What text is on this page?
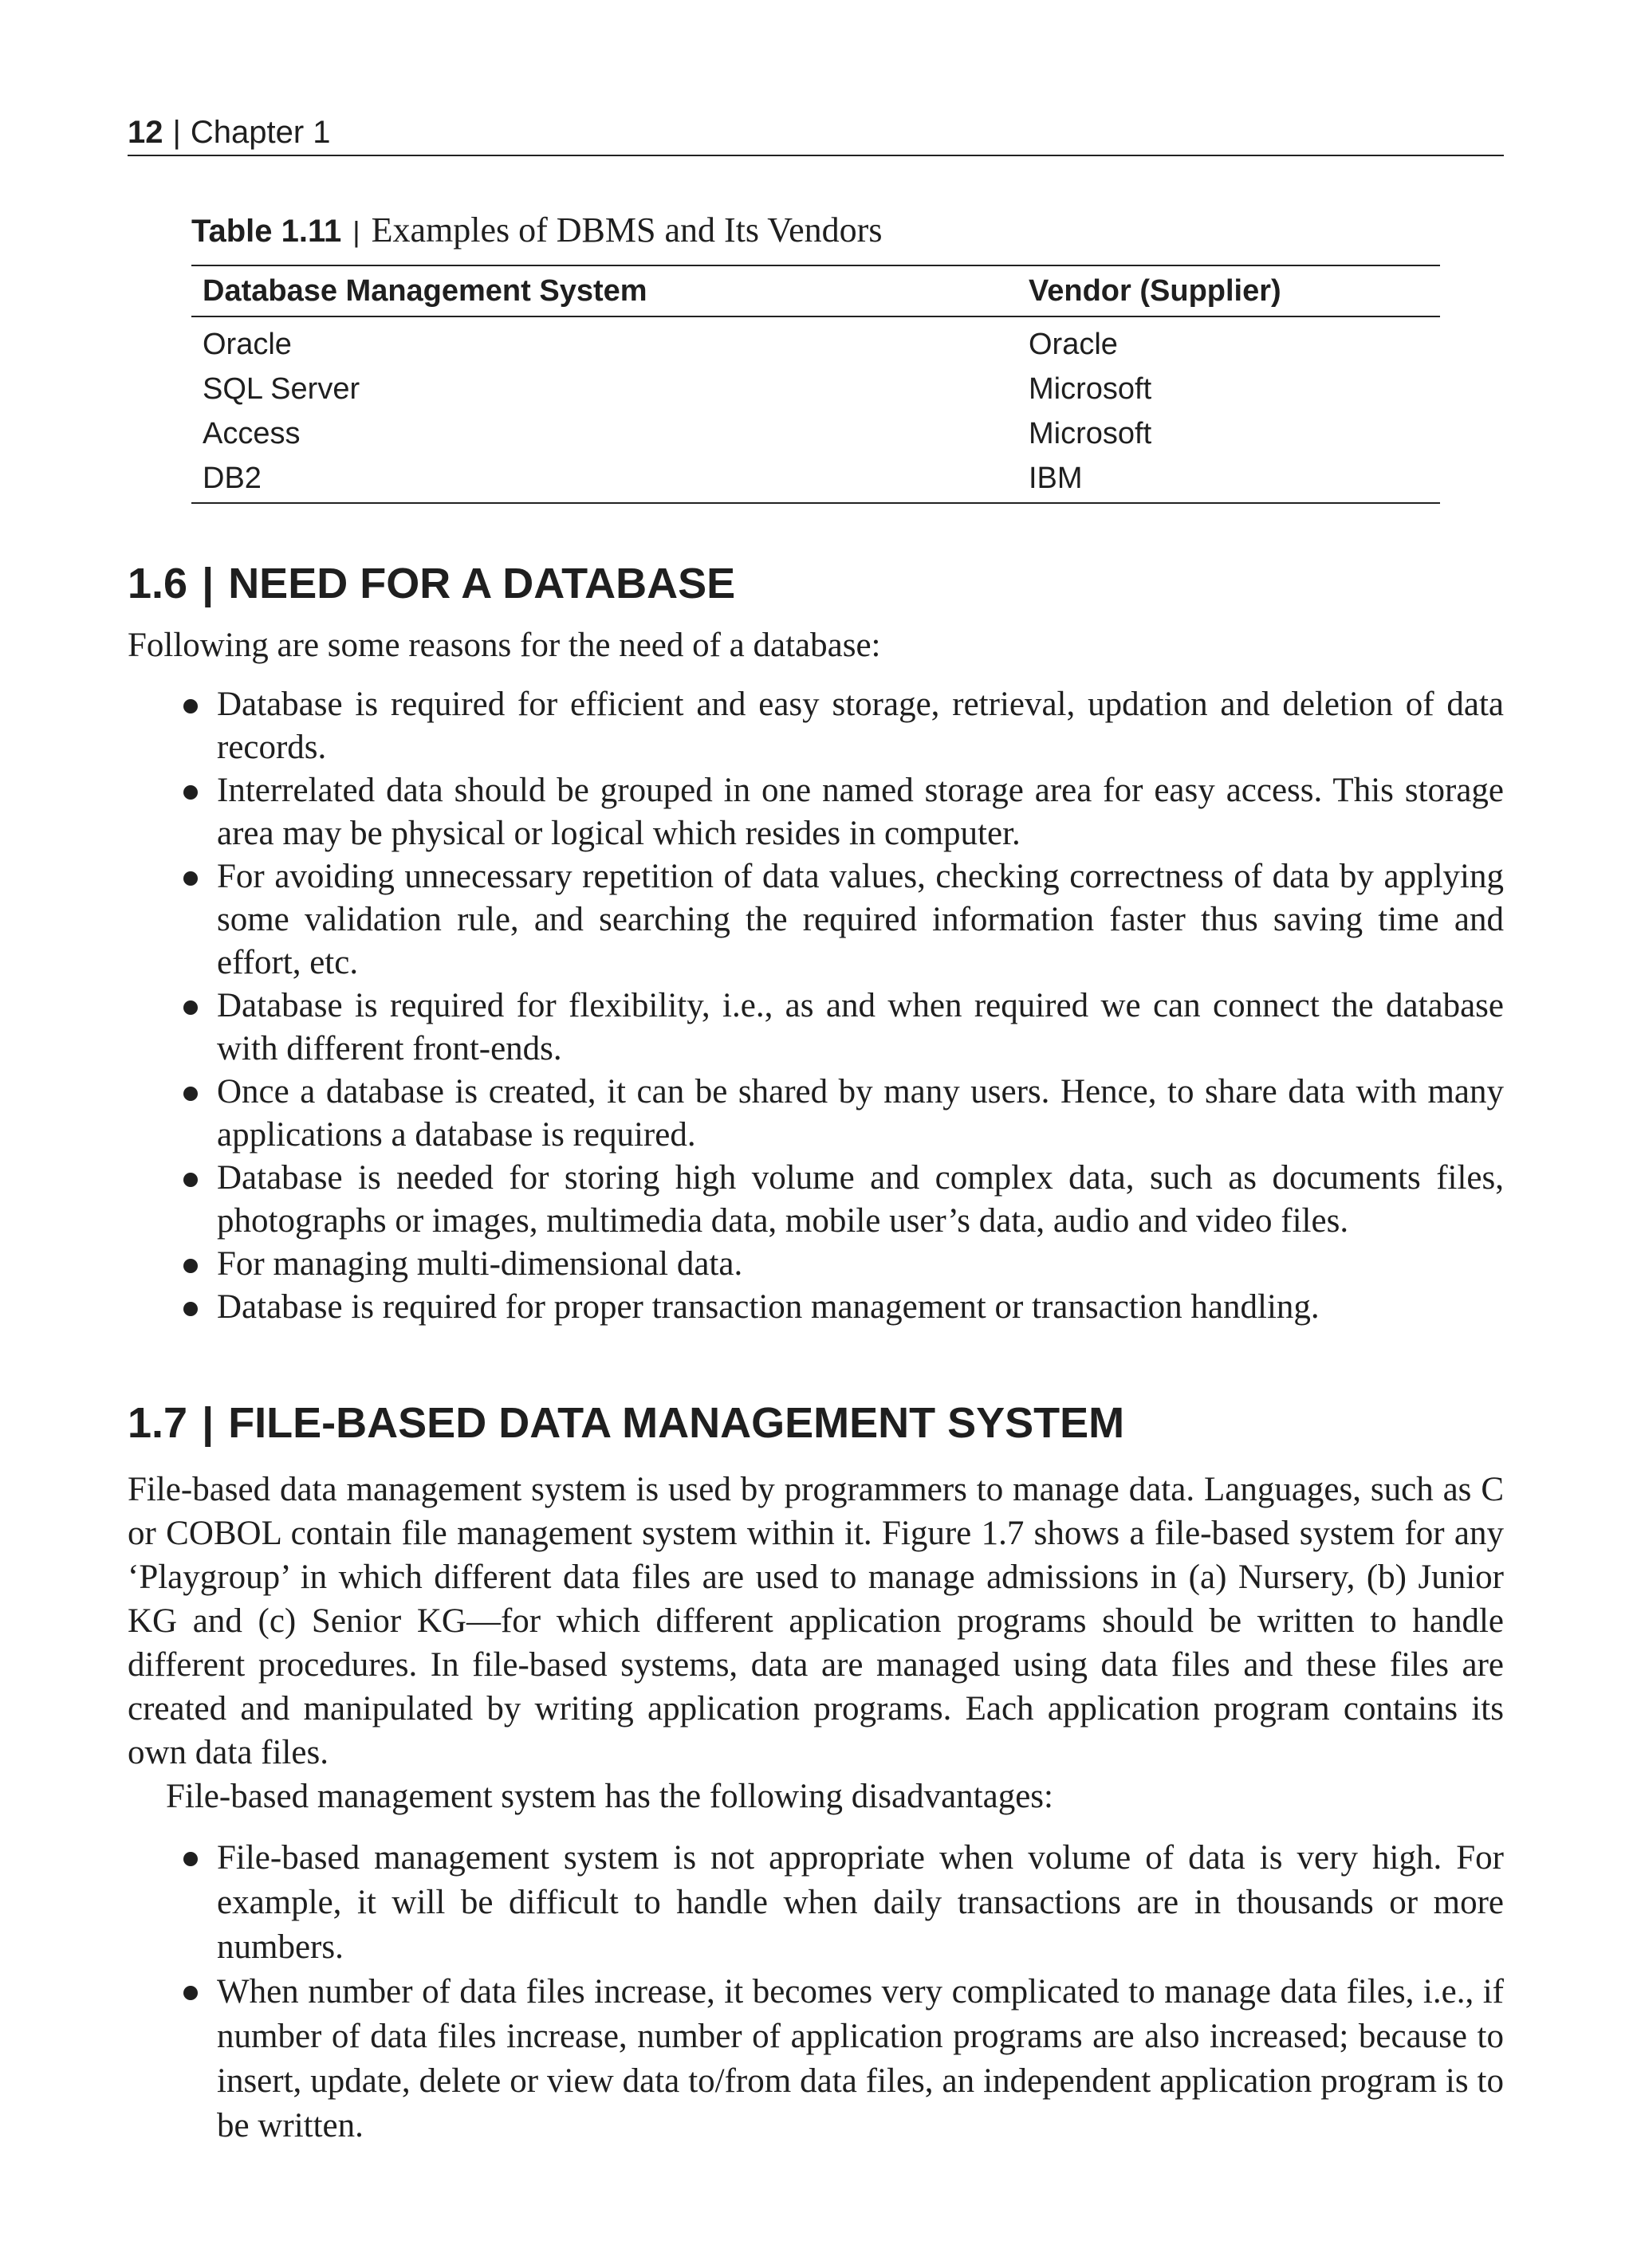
12 | Chapter 1
Table 1.11 | Examples of DBMS and Its Vendors
Database Management System	Vendor (Supplier)
Oracle	Oracle
SQL Server	Microsoft
Access	Microsoft
DB2	IBM
1.6 | NEED FOR A DATABASE

Following are some reasons for the need of a database:

Database is required for efficient and easy storage, retrieval, updation and deletion of data records.
Interrelated data should be grouped in one named storage area for easy access. This storage area may be physical or logical which resides in computer.
For avoiding unnecessary repetition of data values, checking correctness of data by applying some validation rule, and searching the required information faster thus saving time and effort, etc.
Database is required for flexibility, i.e., as and when required we can connect the database with different front-ends.
Once a database is created, it can be shared by many users. Hence, to share data with many applications a database is required.
Database is needed for storing high volume and complex data, such as documents files, photographs or images, multimedia data, mobile user’s data, audio and video files.
For managing multi-dimensional data.
Database is required for proper transaction management or transaction handling.
1.7 | FILE-BASED DATA MANAGEMENT SYSTEM

File-based data management system is used by programmers to manage data. Languages, such as C or COBOL contain file management system within it. Figure 1.7 shows a file-based system for any ‘Playgroup’ in which different data files are used to manage admissions in (a) Nursery, (b) Junior KG and (c) Senior KG—for which different application programs should be written to handle different procedures. In file-based systems, data are managed using data files and these files are created and manipulated by writing application programs. Each application program contains its own data files.

File-based management system has the following disadvantages:

File-based management system is not appropriate when volume of data is very high. For example, it will be difficult to handle when daily transactions are in thousands or more numbers.
When number of data files increase, it becomes very complicated to manage data files, i.e., if number of data files increase, number of application programs are also increased; because to insert, update, delete or view data to/from data files, an independent application program is to be written.
